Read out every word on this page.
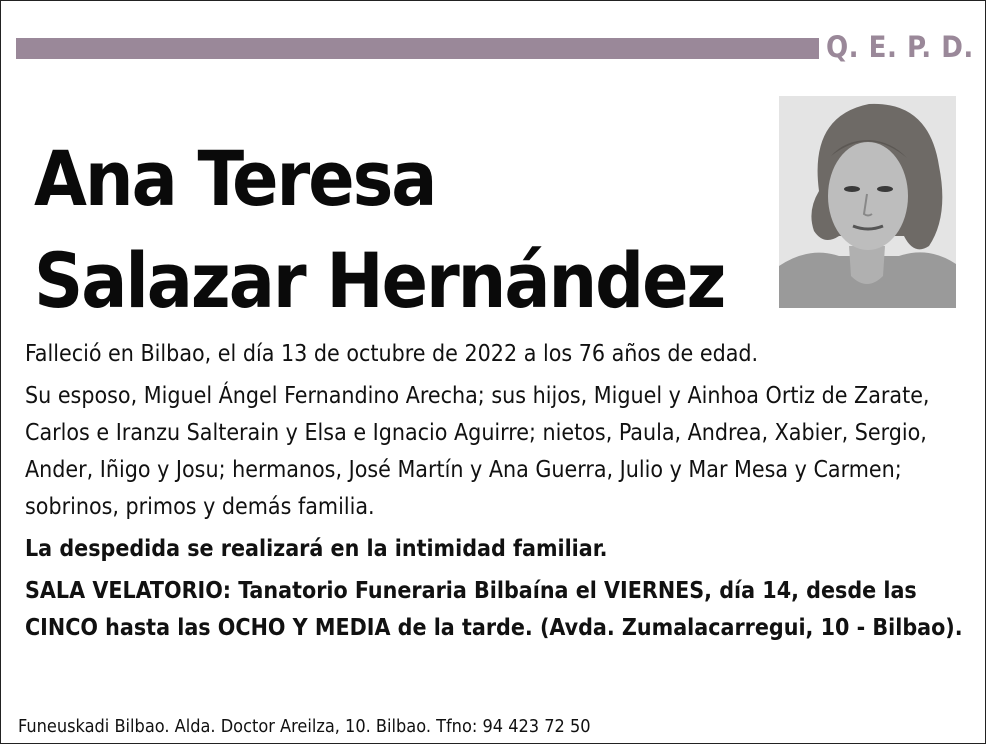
Q. E. P. D.
Ana Teresa
Salazar Hernández

Falleció en Bilbao, el día 13 de octubre de 2022 a los 76 años de edad.

Su esposo, Miguel Ángel Fernandino Arecha; sus hijos, Miguel y Ainhoa Ortiz de Zarate, Carlos e Iranzu Salterain y Elsa e Ignacio Aguirre; nietos, Paula, Andrea, Xabier, Sergio, Ander, Iñigo y Josu; hermanos, José Martín y Ana Guerra, Julio y Mar Mesa y Carmen; sobrinos, primos y demás familia.

La despedida se realizará en la intimidad familiar.

SALA VELATORIO: Tanatorio Funeraria Bilbaína el VIERNES, día 14, desde las CINCO hasta las OCHO Y MEDIA de la tarde. (Avda. Zumalacarregui, 10 - Bilbao).

Funeuskadi Bilbao. Alda. Doctor Areilza, 10. Bilbao. Tfno: 94 423 72 50
